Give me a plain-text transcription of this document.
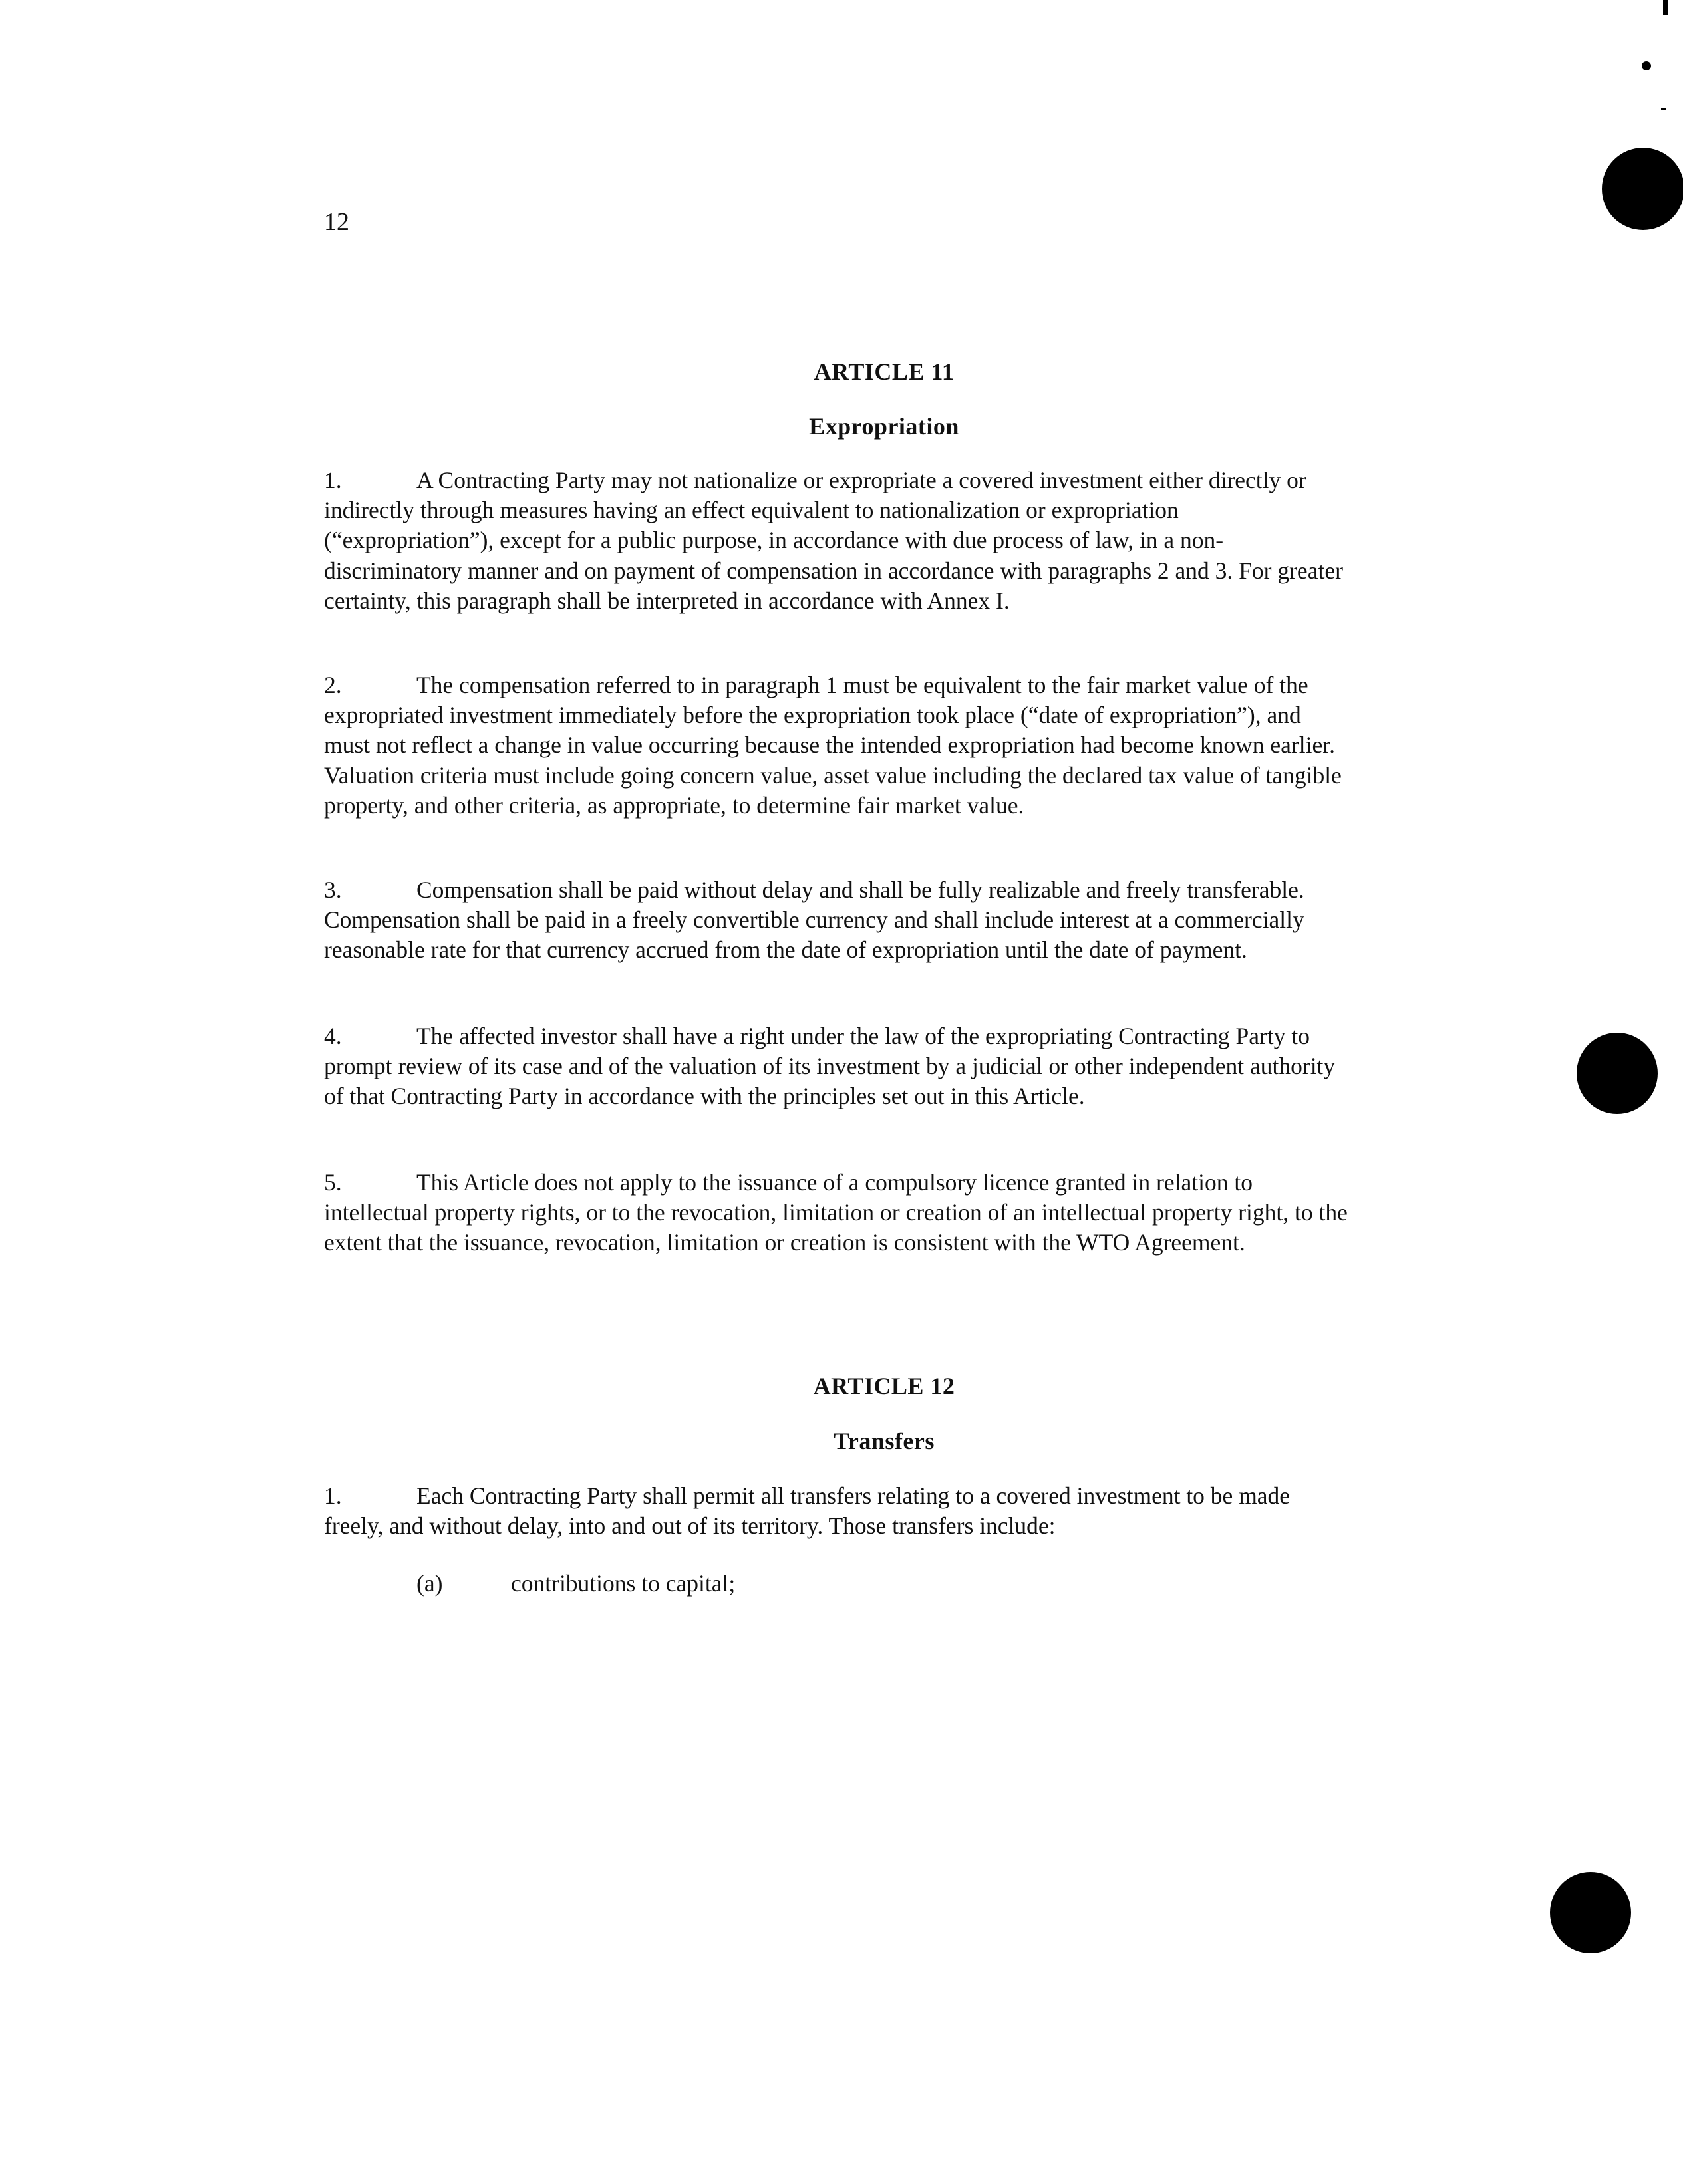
12
ARTICLE 11
Expropriation

1.	A Contracting Party may not nationalize or expropriate a covered investment either directly or indirectly through measures having an effect equivalent to nationalization or expropriation (“expropriation”), except for a public purpose, in accordance with due process of law, in a non-discriminatory manner and on payment of compensation in accordance with paragraphs 2 and 3. For greater certainty, this paragraph shall be interpreted in accordance with Annex I.

2.	The compensation referred to in paragraph 1 must be equivalent to the fair market value of the expropriated investment immediately before the expropriation took place (“date of expropriation”), and must not reflect a change in value occurring because the intended expropriation had become known earlier. Valuation criteria must include going concern value, asset value including the declared tax value of tangible property, and other criteria, as appropriate, to determine fair market value.

3.	Compensation shall be paid without delay and shall be fully realizable and freely transferable. Compensation shall be paid in a freely convertible currency and shall include interest at a commercially reasonable rate for that currency accrued from the date of expropriation until the date of payment.

4.	The affected investor shall have a right under the law of the expropriating Contracting Party to prompt review of its case and of the valuation of its investment by a judicial or other independent authority of that Contracting Party in accordance with the principles set out in this Article.

5.	This Article does not apply to the issuance of a compulsory licence granted in relation to intellectual property rights, or to the revocation, limitation or creation of an intellectual property right, to the extent that the issuance, revocation, limitation or creation is consistent with the WTO Agreement.

ARTICLE 12
Transfers

1.	Each Contracting Party shall permit all transfers relating to a covered investment to be made freely, and without delay, into and out of its territory. Those transfers include:

(a)	contributions to capital;
